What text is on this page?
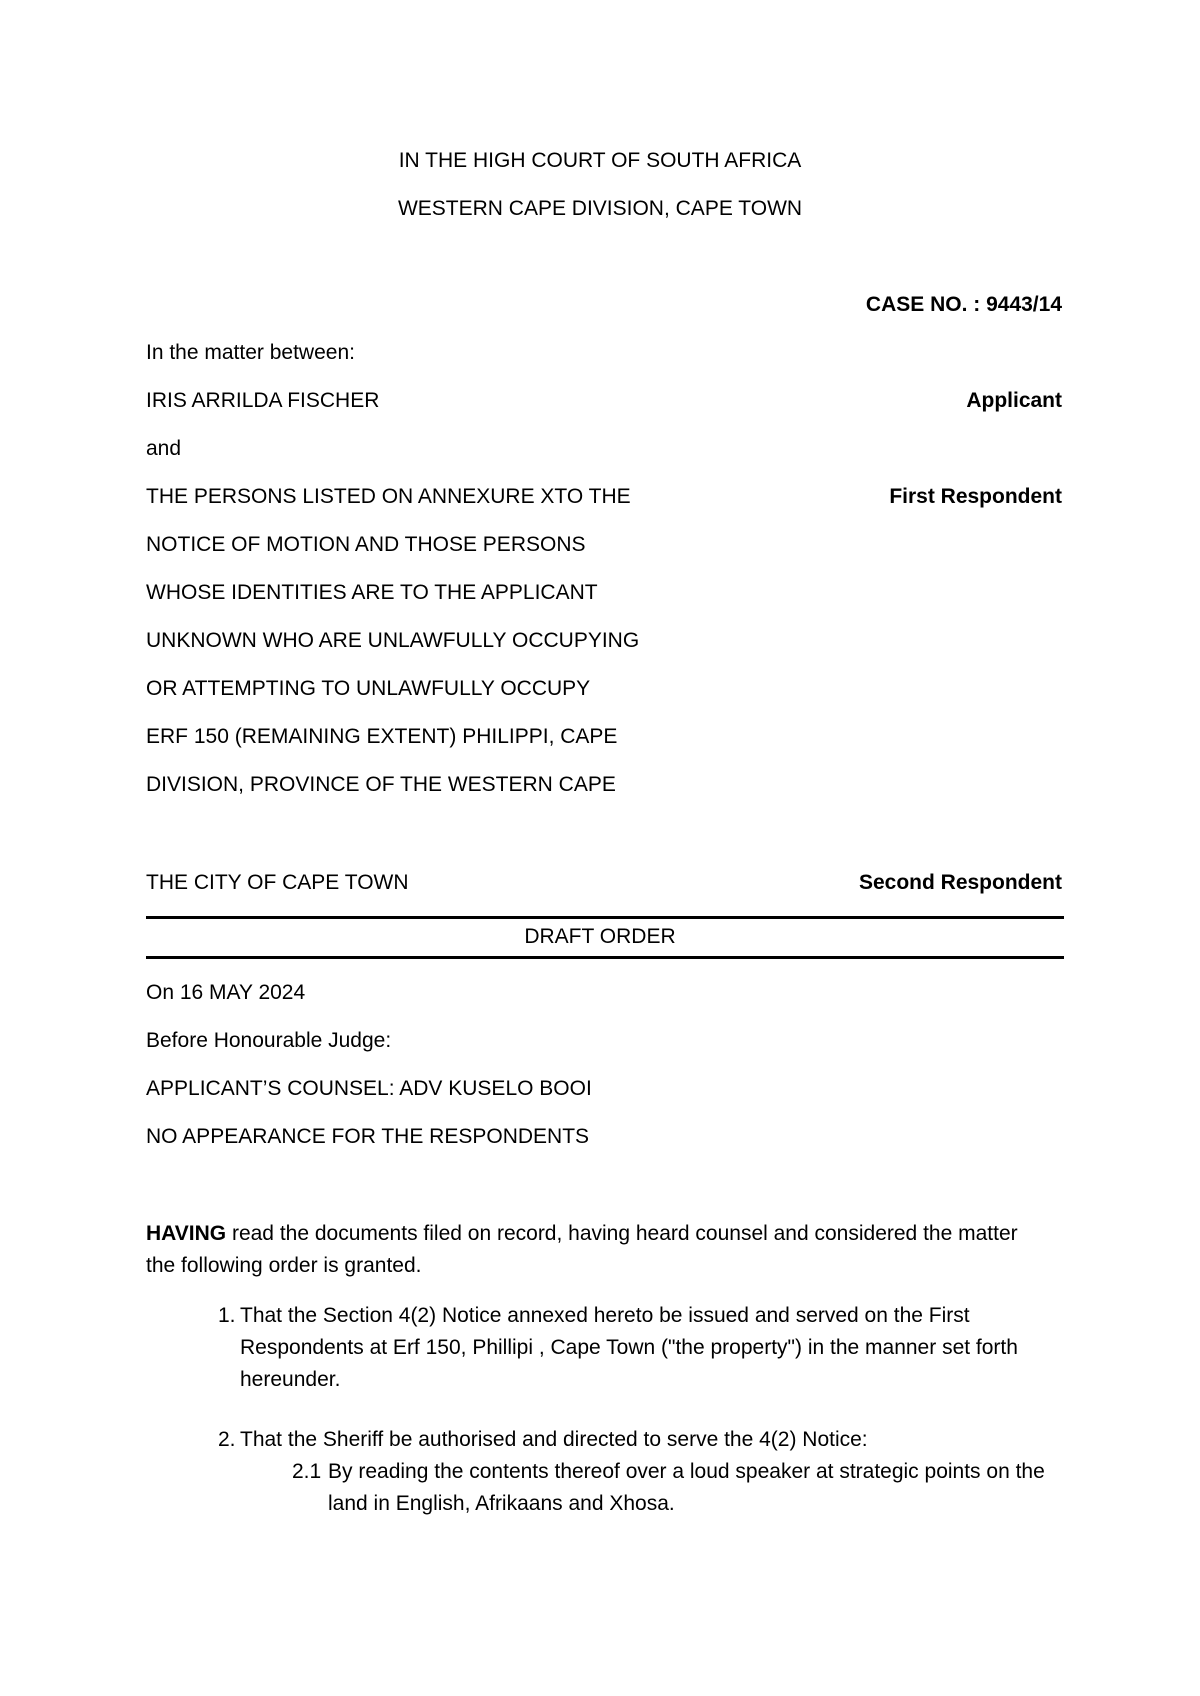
IN THE HIGH COURT OF SOUTH AFRICA
WESTERN CAPE DIVISION, CAPE TOWN
CASE NO. : 9443/14
In the matter between:
IRIS ARRILDA FISCHER	Applicant
and
THE PERSONS LISTED ON ANNEXURE XTO THE	First Respondent
NOTICE OF MOTION AND THOSE PERSONS
WHOSE IDENTITIES ARE TO THE APPLICANT
UNKNOWN WHO ARE UNLAWFULLY OCCUPYING
OR ATTEMPTING TO UNLAWFULLY OCCUPY
ERF 150 (REMAINING EXTENT) PHILIPPI, CAPE
DIVISION, PROVINCE OF THE WESTERN CAPE
THE CITY OF CAPE TOWN	Second Respondent
DRAFT ORDER
On 16 MAY 2024
Before Honourable Judge:
APPLICANT’S COUNSEL: ADV KUSELO BOOI
NO APPEARANCE FOR THE RESPONDENTS
HAVING read the documents filed on record, having heard counsel and considered the matter the following order is granted.
1. That the Section 4(2) Notice annexed hereto be issued and served on the First Respondents at Erf 150, Phillipi , Cape Town ("the property") in the manner set forth hereunder.
2. That the Sheriff be authorised and directed to serve the 4(2) Notice:
2.1 By reading the contents thereof over a loud speaker at strategic points on the land in English, Afrikaans and Xhosa.
